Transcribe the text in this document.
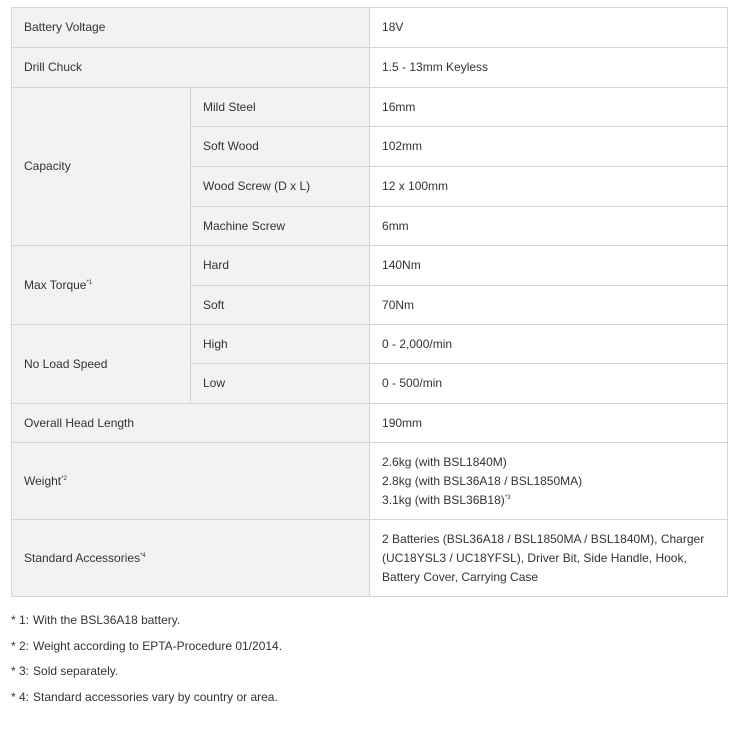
Battery Voltage		18V
Drill Chuck		1.5 - 13mm Keyless
Capacity	Mild Steel	16mm
	Soft Wood	102mm
	Wood Screw (D x L)	12 x 100mm
	Machine Screw	6mm
Max Torque$^{*1}$	Hard	140Nm
	Soft	70Nm
No Load Speed	High	0 - 2,000/min
	Low	0 - 500/min
Overall Head Length		190mm
Weight$^{*2}$		2.6kg (with BSL1840M)
2.8kg (with BSL36A18 / BSL1850MA)
3.1kg (with BSL36B18)$^{*3}$

Standard Accessories$^{*4}$		2 Batteries (BSL36A18 / BSL1850MA / BSL1840M), Charger (UC18YSL3 / UC18YFSL), Driver Bit, Side Handle, Hook, Battery Cover, Carrying Case
* 1: With the BSL36A18 battery.
* 2: Weight according to EPTA-Procedure 01/2014.
* 3: Sold separately.
* 4: Standard accessories vary by country or area.
